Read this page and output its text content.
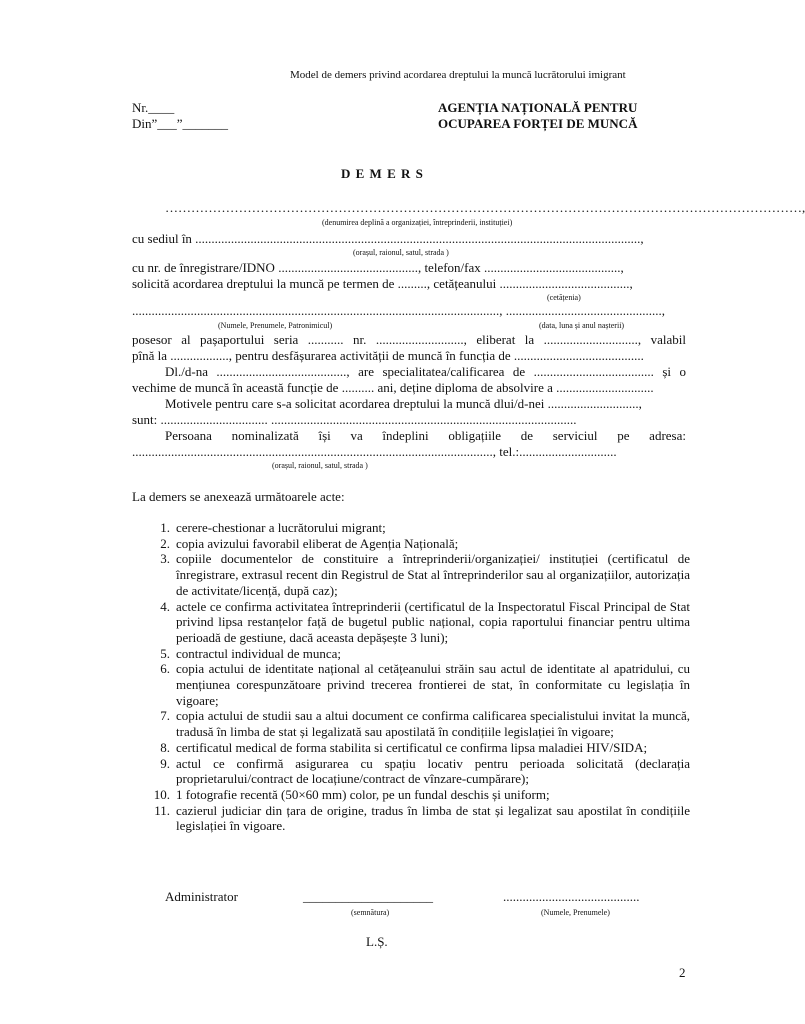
Model de demers privind acordarea dreptului la muncă lucrătorului imigrant
Nr.____
Din”___”_______
AGENȚIA NAȚIONALĂ PENTRU
OCUPAREA FORȚEI DE MUNCĂ
D E M E R S
…………………………………………………………………………………………………………………………………,
(denumirea deplină a organizației, întreprinderii, instituției)
cu sediul în .........................................................................................................................................,
(orașul, raionul, satul, strada )
cu nr. de înregistrare/IDNO ..........................................., telefon/fax ..........................................,
solicită acordarea dreptului la muncă pe termen de ........., cetățeanului ........................................,
(cetățenia)
................................................................................................................., ................................................,
(Numele, Prenumele, Patronimicul)	(data, luna și anul nașterii)
posesor al pașaportului seria ........... nr. ..........................., eliberat la ............................., valabil
pînă la .................., pentru desfășurarea activității de muncă în funcția de ........................................
Dl./d-na ........................................, are specialitatea/calificarea de ..................................... și o
vechime de muncă în această funcție de .......... ani, deține diploma de absolvire a ..............................
Motivele pentru care s-a solicitat acordarea dreptului la muncă dlui/d-nei ............................,
sunt: ................................. ..............................................................................................
Persoana nominalizată își va îndeplini obligațiile de serviciul pe adresa:
..............................................................................................................., tel.:..............................
(orașul, raionul, satul, strada )
La demers se anexează următoarele acte:
1. cerere-chestionar a lucrătorului migrant;
2. copia avizului favorabil eliberat de Agenția Națională;
3. copiile documentelor de constituire a întreprinderii/organizației/ instituției (certificatul de înregistrare, extrasul recent din Registrul de Stat al întreprinderilor sau al organizațiilor, autorizația de activitate/licență, după caz);
4. actele ce confirma activitatea întreprinderii (certificatul de la Inspectoratul Fiscal Principal de Stat privind lipsa restanțelor față de bugetul public național, copia raportului financiar pentru ultima perioadă de gestiune, dacă aceasta depășește 3 luni);
5. contractul individual de munca;
6. copia actului de identitate național al cetățeanului străin sau actul de identitate al apatridului, cu mențiunea corespunzătoare privind trecerea frontierei de stat, în conformitate cu legislația în vigoare;
7. copia actului de studii sau a altui document ce confirma calificarea specialistului invitat la muncă, tradusă în limba de stat și legalizată sau apostilată în condițiile legislației în vigoare;
8. certificatul medical de forma stabilita si certificatul ce confirma lipsa maladiei HIV/SIDA;
9. actul ce confirmă asigurarea cu spațiu locativ pentru perioada solicitată (declarația proprietarului/contract de locațiune/contract de vînzare-cumpărare);
10. 1 fotografie recentă (50×60 mm) color, pe un fundal deschis și uniform;
11. cazierul judiciar din țara de origine, tradus în limba de stat și legalizat sau apostilat în condițiile legislației în vigoare.
Administrator	____________________
(semnătura)
..........................................
(Numele, Prenumele)
L.Ș.
2
